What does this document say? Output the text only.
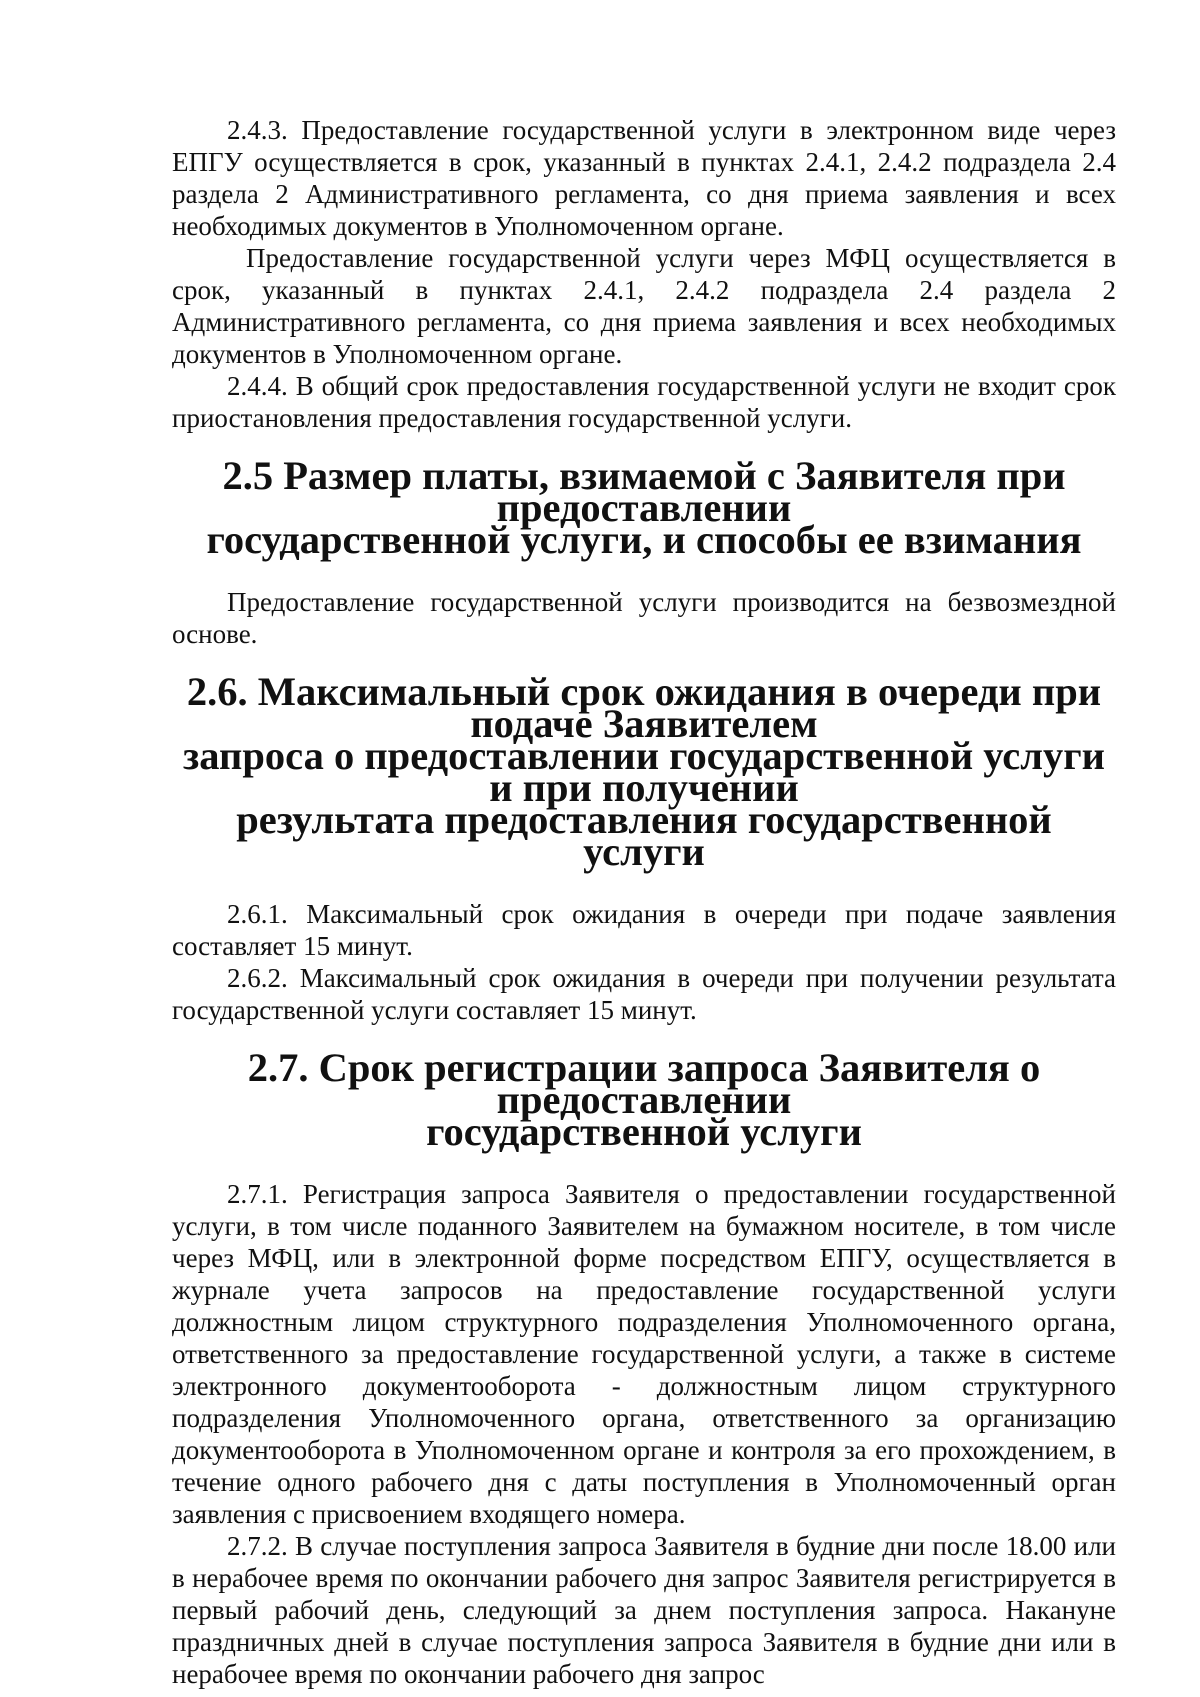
2.4.3. Предоставление государственной услуги в электронном виде через ЕПГУ осуществляется в срок, указанный в пунктах 2.4.1, 2.4.2 подраздела 2.4 раздела 2 Административного регламента, со дня приема заявления и всех необходимых документов в Уполномоченном органе.

Предоставление государственной услуги через МФЦ осуществляется в срок, указанный в пунктах 2.4.1, 2.4.2 подраздела 2.4 раздела 2 Административного регламента, со дня приема заявления и всех необходимых документов в Уполномоченном органе.

2.4.4. В общий срок предоставления государственной услуги не входит срок приостановления предоставления государственной услуги.

2.5 Размер платы, взимаемой с Заявителя при предоставлении
государственной услуги, и способы ее взимания

Предоставление государственной услуги производится на безвозмездной основе.

2.6. Максимальный срок ожидания в очереди при подаче Заявителем
запроса о предоставлении государственной услуги и при получении
результата предоставления государственной услуги

2.6.1. Максимальный срок ожидания в очереди при подаче заявления составляет 15 минут.

2.6.2. Максимальный срок ожидания в очереди при получении результата государственной услуги составляет 15 минут.

2.7. Срок регистрации запроса Заявителя о предоставлении
государственной услуги

2.7.1. Регистрация запроса Заявителя о предоставлении государственной услуги, в том числе поданного Заявителем на бумажном носителе, в том числе через МФЦ, или в электронной форме посредством ЕПГУ, осуществляется в журнале учета запросов на предоставление государственной услуги должностным лицом структурного подразделения Уполномоченного органа, ответственного за предоставление государственной услуги, а также в системе электронного документооборота - должностным лицом структурного подразделения Уполномоченного органа, ответственного за организацию документооборота в Уполномоченном органе и контроля за его прохождением, в течение одного рабочего дня с даты поступления в Уполномоченный орган заявления с присвоением входящего номера.

2.7.2. В случае поступления запроса Заявителя в будние дни после 18.00 или в нерабочее время по окончании рабочего дня запрос Заявителя регистрируется в первый рабочий день, следующий за днем поступления запроса. Накануне праздничных дней в случае поступления запроса Заявителя в будние дни или в нерабочее время по окончании рабочего дня запрос
